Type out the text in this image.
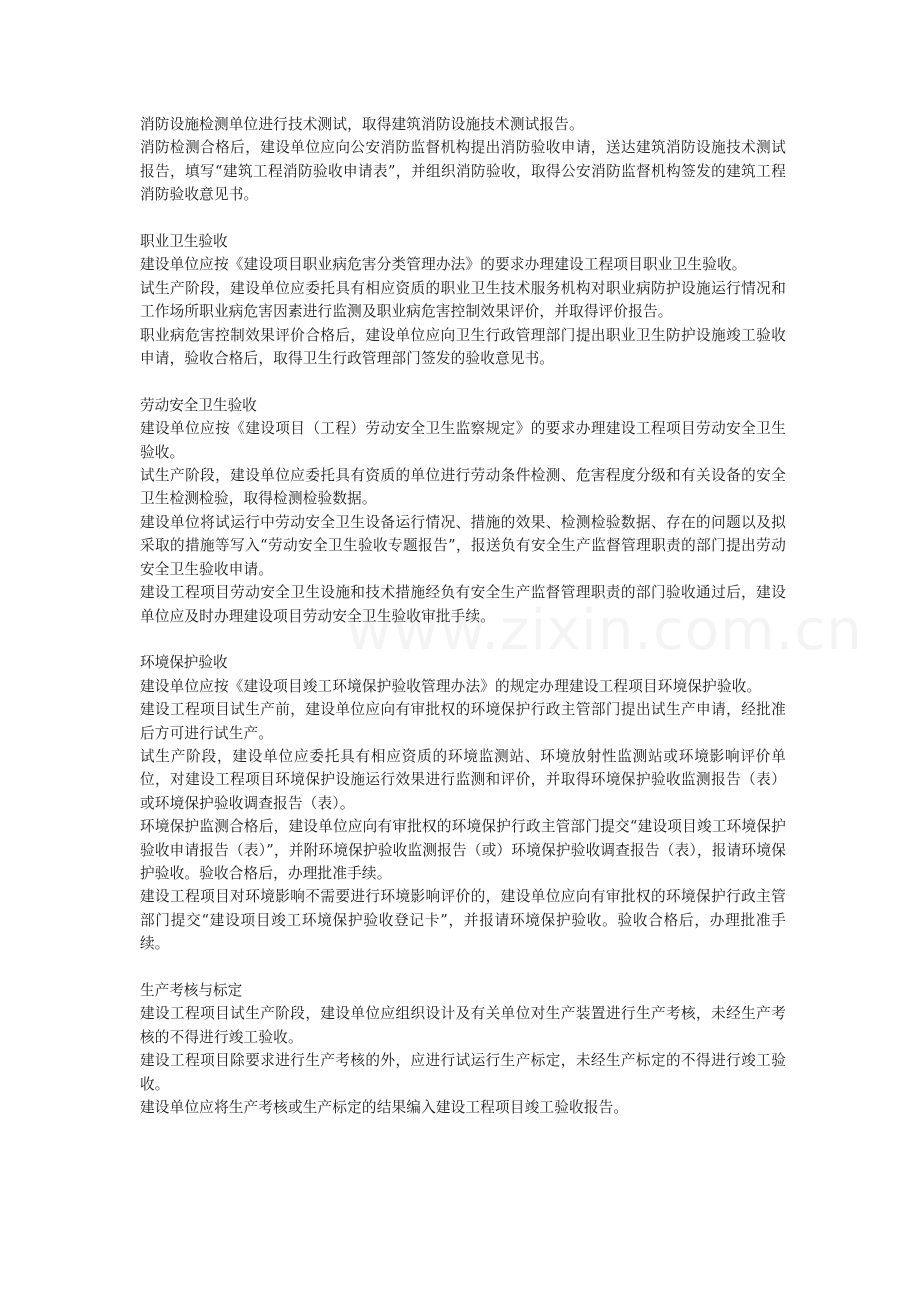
消防设施检测单位进行技术测试，取得建筑消防设施技术测试报告。

消防检测合格后，建设单位应向公安消防监督机构提出消防验收申请，送达建筑消防设施技术测试报告，填写“建筑工程消防验收申请表”，并组织消防验收，取得公安消防监督机构签发的建筑工程消防验收意见书。

职业卫生验收

建设单位应按《建设项目职业病危害分类管理办法》的要求办理建设工程项目职业卫生验收。

试生产阶段，建设单位应委托具有相应资质的职业卫生技术服务机构对职业病防护设施运行情况和工作场所职业病危害因素进行监测及职业病危害控制效果评价，并取得评价报告。

职业病危害控制效果评价合格后，建设单位应向卫生行政管理部门提出职业卫生防护设施竣工验收申请，验收合格后，取得卫生行政管理部门签发的验收意见书。

劳动安全卫生验收

建设单位应按《建设项目（工程）劳动安全卫生监察规定》的要求办理建设工程项目劳动安全卫生验收。

试生产阶段，建设单位应委托具有资质的单位进行劳动条件检测、危害程度分级和有关设备的安全卫生检测检验，取得检测检验数据。

建设单位将试运行中劳动安全卫生设备运行情况、措施的效果、检测检验数据、存在的问题以及拟采取的措施等写入“劳动安全卫生验收专题报告”，报送负有安全生产监督管理职责的部门提出劳动安全卫生验收申请。

建设工程项目劳动安全卫生设施和技术措施经负有安全生产监督管理职责的部门验收通过后，建设单位应及时办理建设项目劳动安全卫生验收审批手续。

环境保护验收

建设单位应按《建设项目竣工环境保护验收管理办法》的规定办理建设工程项目环境保护验收。

建设工程项目试生产前，建设单位应向有审批权的环境保护行政主管部门提出试生产申请，经批准后方可进行试生产。

试生产阶段，建设单位应委托具有相应资质的环境监测站、环境放射性监测站或环境影响评价单位，对建设工程项目环境保护设施运行效果进行监测和评价，并取得环境保护验收监测报告（表）或环境保护验收调查报告（表）。

环境保护监测合格后，建设单位应向有审批权的环境保护行政主管部门提交“建设项目竣工环境保护验收申请报告（表）”，并附环境保护验收监测报告（或）环境保护验收调查报告（表），报请环境保护验收。验收合格后，办理批准手续。

建设工程项目对环境影响不需要进行环境影响评价的，建设单位应向有审批权的环境保护行政主管部门提交“建设项目竣工环境保护验收登记卡”，并报请环境保护验收。验收合格后，办理批准手续。

生产考核与标定

建设工程项目试生产阶段，建设单位应组织设计及有关单位对生产装置进行生产考核，未经生产考核的不得进行竣工验收。

建设工程项目除要求进行生产考核的外，应进行试运行生产标定，未经生产标定的不得进行竣工验收。

建设单位应将生产考核或生产标定的结果编入建设工程项目竣工验收报告。
